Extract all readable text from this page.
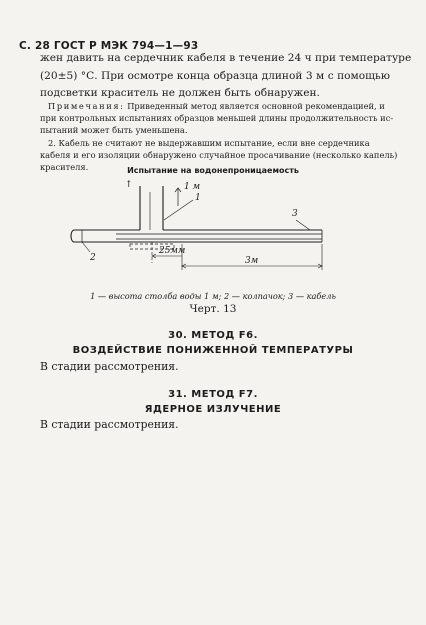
С. 28 ГОСТ Р МЭК 794—1—93
жен давить на сердечник кабеля в течение 24 ч при температуре
(20±5) °С. При осмотре конца образца длиной 3 м с помощью
подсветки краситель не должен быть обнаружен.
Примечания: Приведенный метод является основной рекомендацией, и
при контрольных испытаниях образцов меньшей длины продолжительность ис-
пытаний может быть уменьшена.
2. Кабель не считают не выдержавшим испытание, если вне сердечника
кабеля и его изоляции обнаружено случайное просачивание (несколько капель)
красителя.	Испытание на водонепроницаемость
↑	1 м
1
3
2
25мм
3м
1 — высота столба воды 1 м; 2 — колпачок; 3 — кабель
Черт. 13
30. МЕТОД F6.
ВОЗДЕЙСТВИЕ ПОНИЖЕННОЙ ТЕМПЕРАТУРЫ
В стадии рассмотрения.
31. МЕТОД F7.
ЯДЕРНОЕ ИЗЛУЧЕНИЕ
В стадии рассмотрения.
